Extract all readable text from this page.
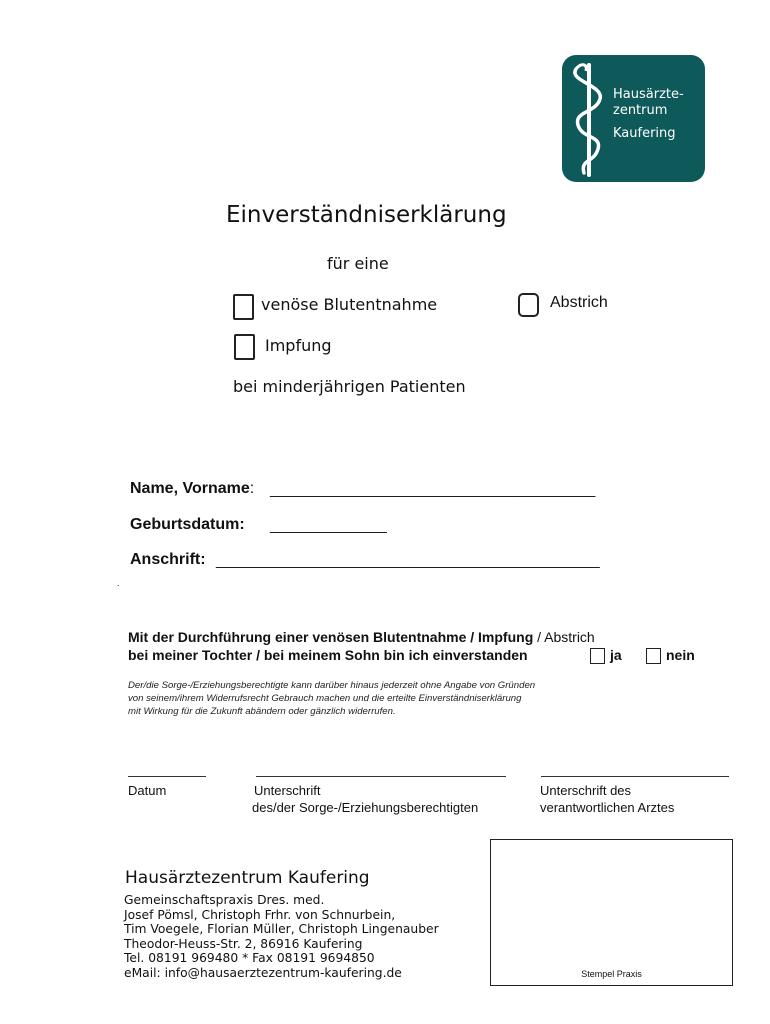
Hausärzte-
zentrum
Kaufering
Einverständniserklärung
für eine
venöse Blutentnahme	Abstrich
Impfung
bei minderjährigen Patienten
Name, Vorname: _______________________________________
Geburtsdatum: ______________
Anschrift: ______________________________________________
.
Mit der Durchführung einer venösen Blutentnahme / Impfung / Abstrich
bei meiner Tochter / bei meinem Sohn bin ich einverstanden	ja	nein
Der/die Sorge-/Erziehungsberechtigte kann darüber hinaus jederzeit ohne Angabe von Gründen
von seinem/ihrem Widerrufsrecht Gebrauch machen und die erteilte Einverständniserklärung
mit Wirkung für die Zukunft abändern oder gänzlich widerrufen.
Datum	Unterschrift
des/der Sorge-/Erziehungsberechtigten
Unterschrift des
verantwortlichen Arztes
Hausärztezentrum Kaufering
Gemeinschaftspraxis Dres. med.
Josef Pömsl, Christoph Frhr. von Schnurbein,
Tim Voegele, Florian Müller, Christoph Lingenauber
Theodor-Heuss-Str. 2, 86916 Kaufering
Tel. 08191 969480 * Fax 08191 9694850
eMail: info@hausaerztezentrum-kaufering.de	Stempel Praxis
